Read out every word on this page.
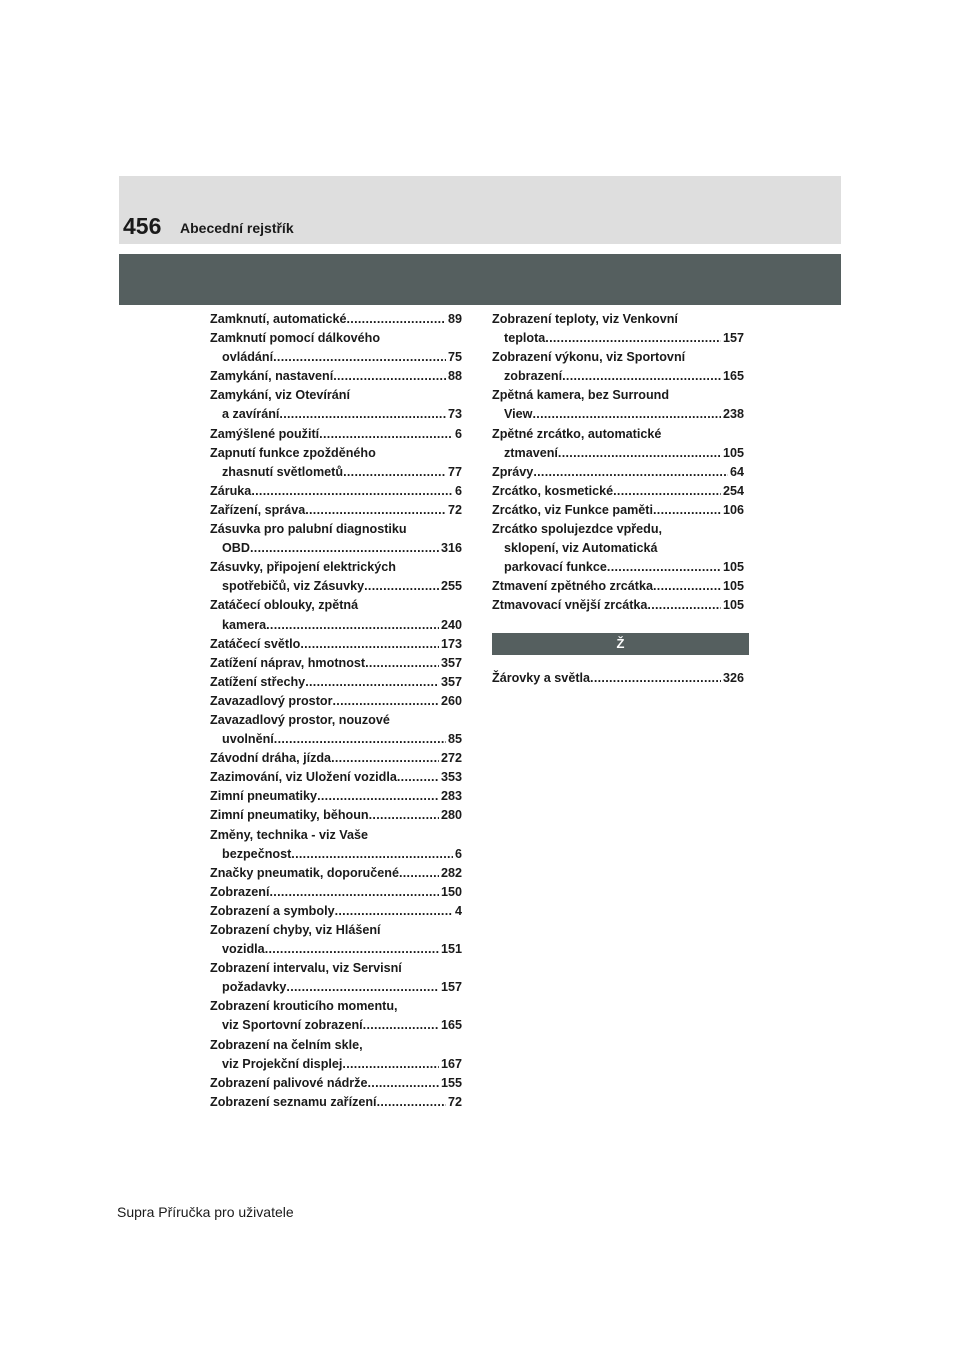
456 Abecední rejstřík
Zamknutí, automatické . . .	89
Zamknutí pomocí dálkového
ovládání . . .	75
Zamykání, nastavení . . .	88
Zamykání, viz Otevírání
a zavírání . . .	73
Zamýšlené použití . . .	6
Zapnutí funkce zpožděného
zhasnutí světlometů . . .	77
Záruka . . .	6
Zařízení, správa . . .	72
Zásuvka pro palubní diagnostiku
OBD . . .	316
Zásuvky, připojení elektrických
spotřebičů, viz Zásuvky . . .	255
Zatáčecí oblouky, zpětná
kamera . . .	240
Zatáčecí světlo . . .	173
Zatížení náprav, hmotnost . . .	357
Zatížení střechy . . .	357
Zavazadlový prostor . . .	260
Zavazadlový prostor, nouzové
uvolnění . . .	85
Závodní dráha, jízda . . .	272
Zazimování, viz Uložení vozidla . . .	353
Zimní pneumatiky . . .	283
Zimní pneumatiky, běhoun . . .	280
Změny, technika - viz Vaše
bezpečnost . . .	6
Značky pneumatik, doporučené . . .	282
Zobrazení . . .	150
Zobrazení a symboly . . .	4
Zobrazení chyby, viz Hlášení
vozidla . . .	151
Zobrazení intervalu, viz Servisní
požadavky . . .	157
Zobrazení krouticího momentu,
viz Sportovní zobrazení . . .	165
Zobrazení na čelním skle,
viz Projekční displej . . .	167
Zobrazení palivové nádrže . . .	155
Zobrazení seznamu zařízení . . .	72
Zobrazení teploty, viz Venkovní
teplota . . .	157
Zobrazení výkonu, viz Sportovní
zobrazení . . .	165
Zpětná kamera, bez Surround
View . . .	238
Zpětné zrcátko, automatické
ztmavení . . .	105
Zprávy . . .	64
Zrcátko, kosmetické . . .	254
Zrcátko, viz Funkce paměti . . .	106
Zrcátko spolujezdce vpředu,
sklopení, viz Automatická
parkovací funkce . . .	105
Ztmavení zpětného zrcátka . . .	105
Ztmavovací vnější zrcátka . . .	105
Ž
Žárovky a světla . . .	326
Supra Příručka pro uživatele
